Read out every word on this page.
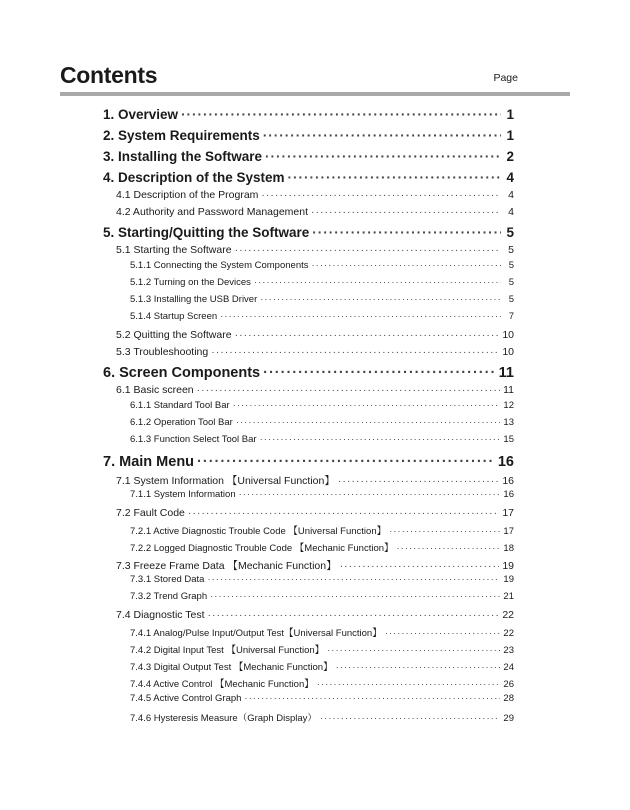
Contents	Page
1. Overview ·····	1
2. System Requirements ·····	1
3. Installing the Software ·····	2
4. Description of the System ·····	4
4.1 Description of the Program ·····	4
4.2 Authority and Password Management ·····	4
5. Starting/Quitting the Software ·····	5
5.1 Starting the Software ·····	5
5.1.1 Connecting the System Components ·····	5
5.1.2 Turning on the Devices ·····	5
5.1.3 Installing the USB Driver ·····	5
5.1.4 Startup Screen ·····	7
5.2 Quitting the Software ·····	10
5.3 Troubleshooting ·····	10
6. Screen Components ·····	11
6.1 Basic screen ·····	11
6.1.1 Standard Tool Bar ·····	12
6.1.2 Operation Tool Bar ·····	13
6.1.3 Function Select Tool Bar ·····	15
7. Main Menu ·····	16
7.1 System Information 【Universal Function】 ·····	16
7.1.1 System Information ·····	16
7.2 Fault Code ·····	17
7.2.1 Active Diagnostic Trouble Code 【Universal Function】 ·····	17
7.2.2 Logged Diagnostic Trouble Code 【Mechanic Function】 ·····	18
7.3 Freeze Frame Data 【Mechanic Function】 ·····	19
7.3.1 Stored Data ·····	19
7.3.2 Trend Graph ·····	21
7.4 Diagnostic Test ·····	22
7.4.1 Analog/Pulse Input/Output Test【Universal Function】 ·····	22
7.4.2 Digital Input Test 【Universal Function】 ·····	23
7.4.3 Digital Output Test 【Mechanic Function】 ·····	24
7.4.4 Active Control 【Mechanic Function】 ·····	26
7.4.5 Active Control Graph ·····	28
7.4.6 Hysteresis Measure（Graph Display） ·····	29
